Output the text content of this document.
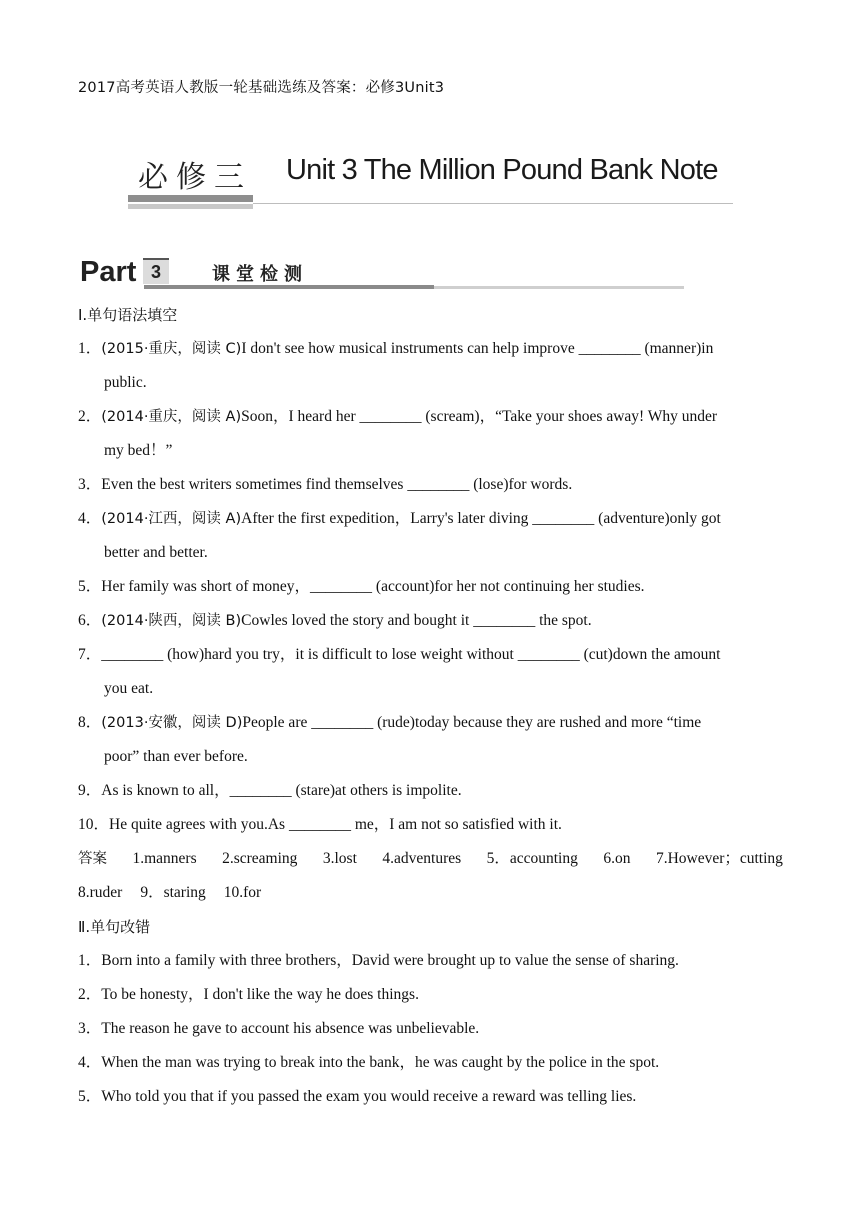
2017高考英语人教版一轮基础选练及答案：必修3Unit3
必修三 Unit 3 The Million Pound Bank Note
Part 3	课堂检测
Ⅰ.单句语法填空
1．(2015·重庆，阅读 C)I don't see how musical instruments can help improve ________ (manner)in
public.
2．(2014·重庆，阅读 A)Soon，I heard her ________ (scream)，“Take your shoes away! Why under
my bed！”
3．Even the best writers sometimes find themselves ________ (lose)for words.
4．(2014·江西，阅读 A)After the first expedition，Larry's later diving ________ (adventure)only got
better and better.
5．Her family was short of money，________ (account)for her not continuing her studies.
6．(2014·陕西，阅读 B)Cowles loved the story and bought it ________ the spot.
7．________ (how)hard you try，it is difficult to lose weight without ________ (cut)down the amount
you eat.
8．(2013·安徽，阅读 D)People are ________ (rude)today because they are rushed and more “time
poor” than ever before.
9．As is known to all，________ (stare)at others is impolite.
10．He quite agrees with you.As ________ me，I am not so satisfied with it.
答案 1.manners 2.screaming 3.lost 4.adventures 5．accounting 6.on 7.However；cutting
8.ruder 9．staring 10.for
Ⅱ.单句改错
1．Born into a family with three brothers，David were brought up to value the sense of sharing.
2．To be honesty，I don't like the way he does things.
3．The reason he gave to account his absence was unbelievable.
4．When the man was trying to break into the bank，he was caught by the police in the spot.
5．Who told you that if you passed the exam you would receive a reward was telling lies.
